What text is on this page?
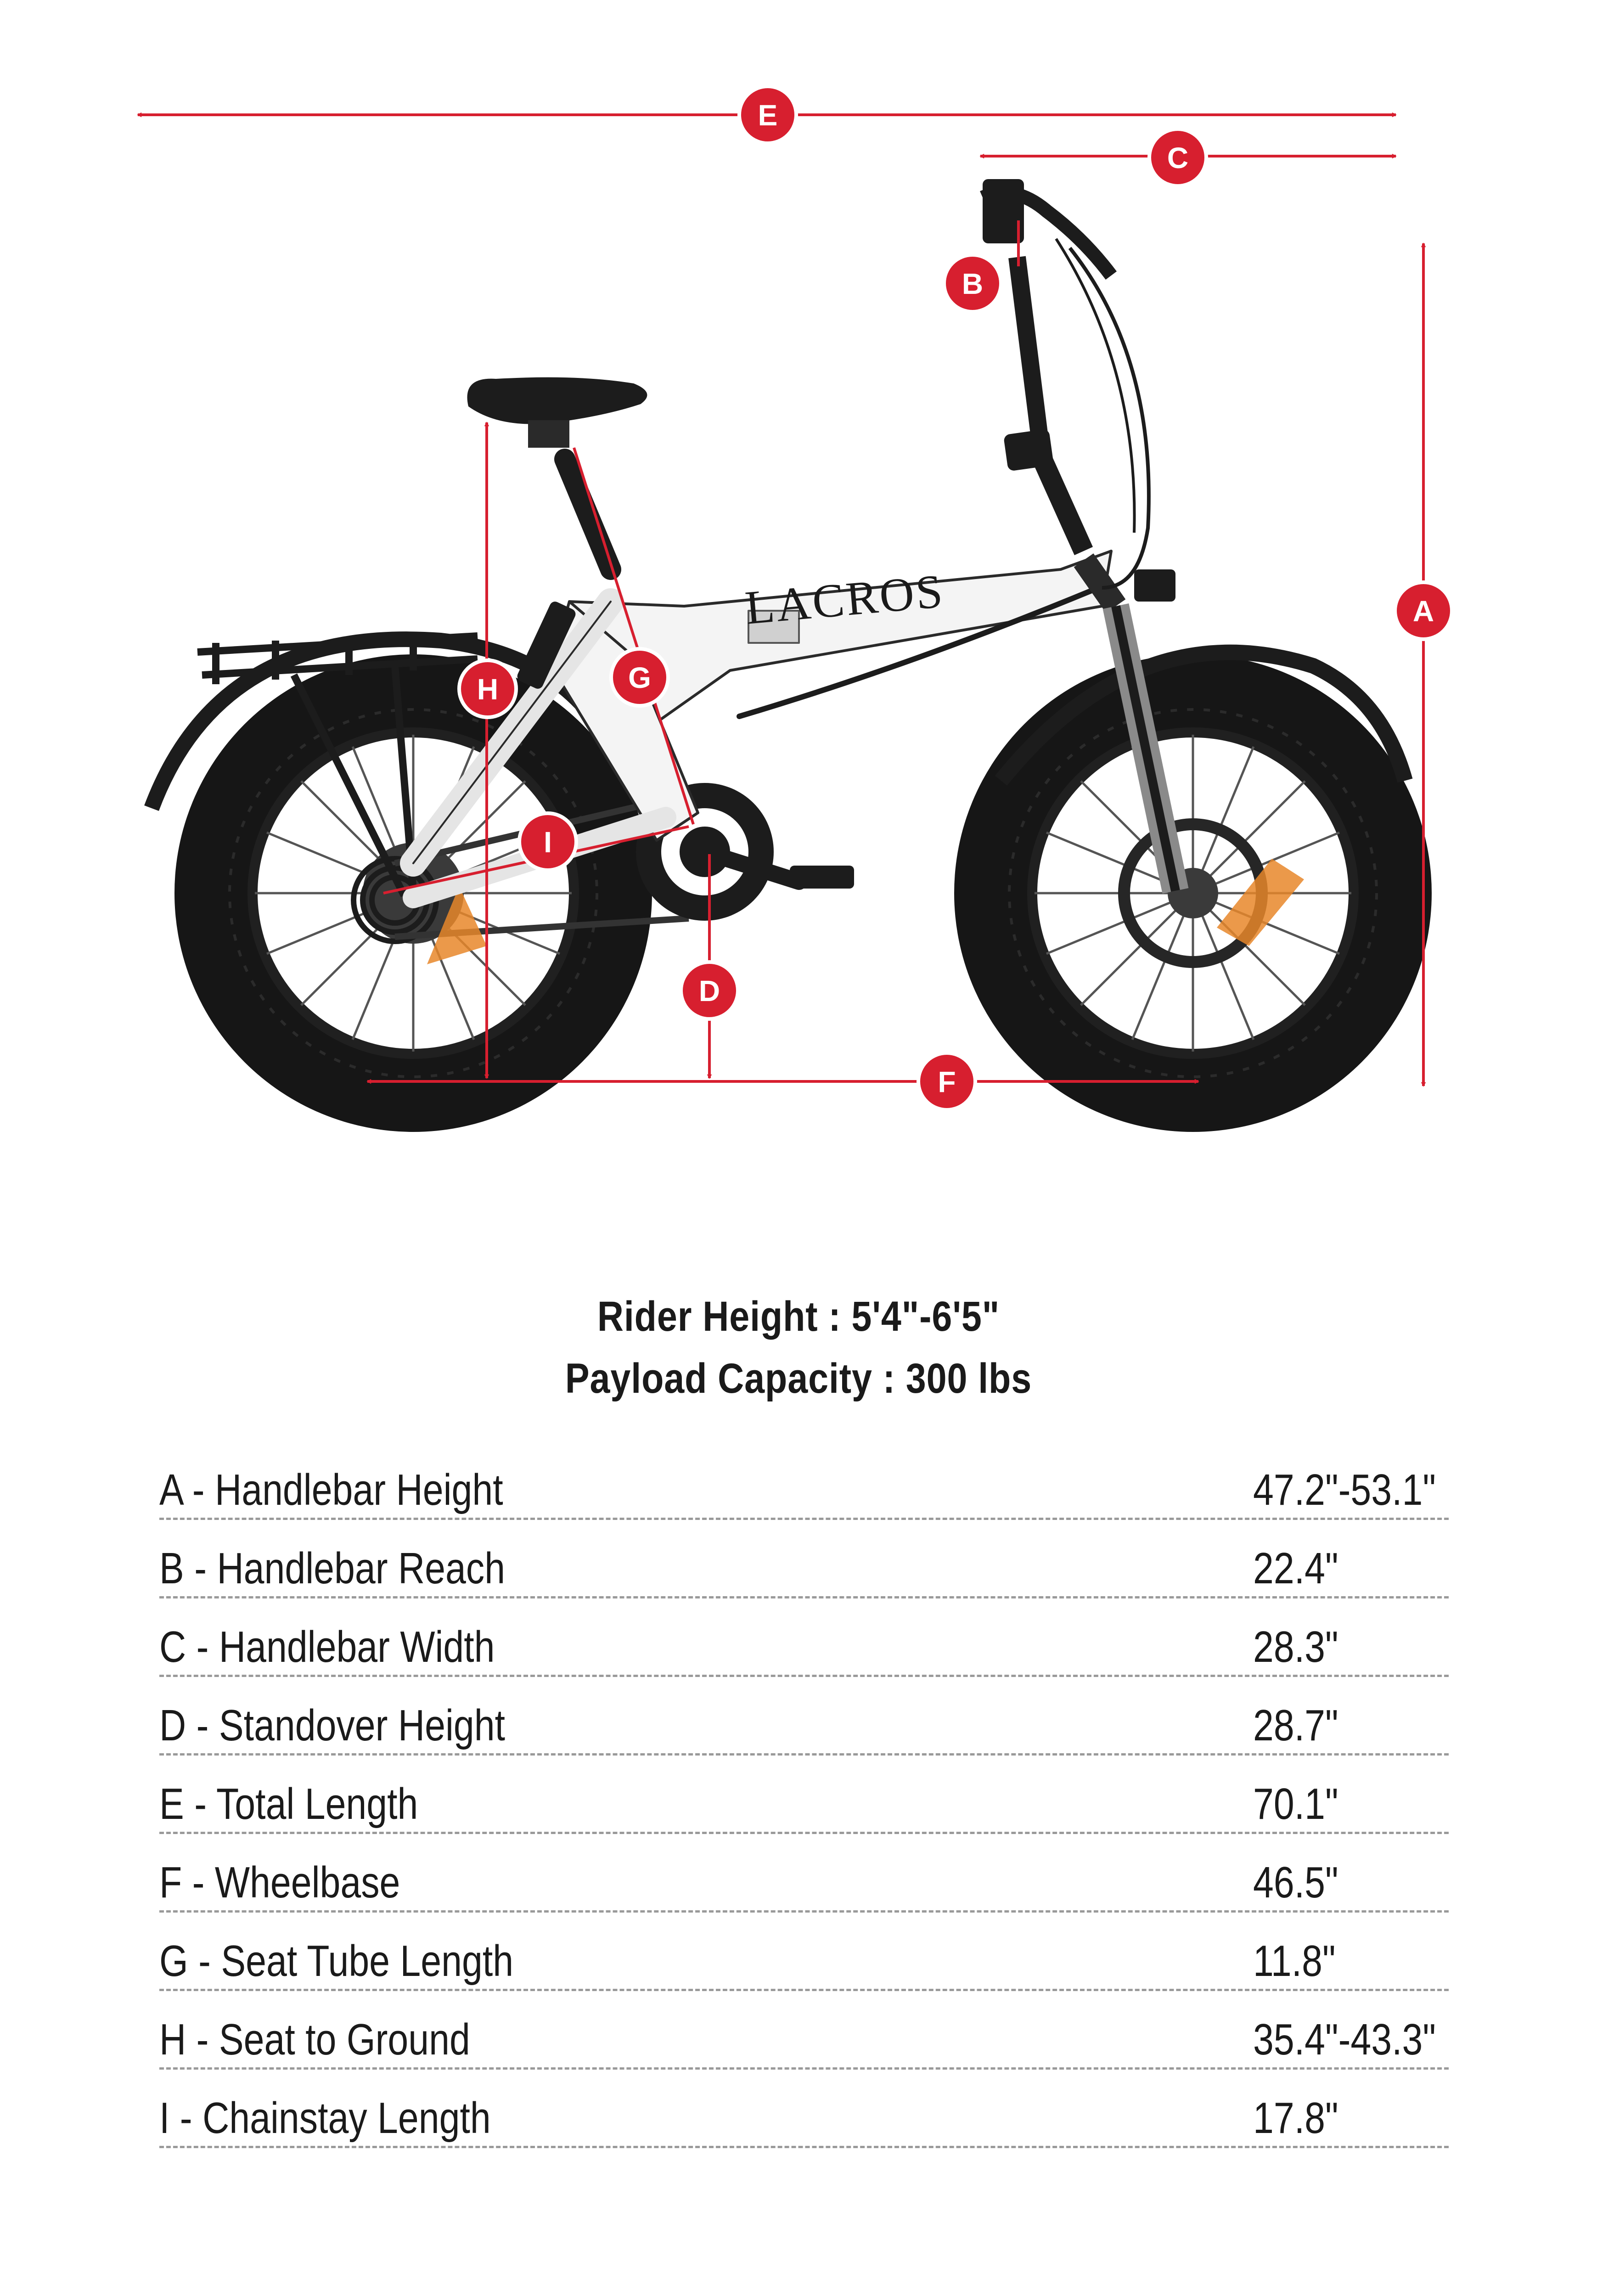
LACROS
E
C
B
A
H	G
I
D
F
Rider Height : 5'4"-6'5"
Payload Capacity : 300 lbs
A - Handlebar Height	47.2"-53.1"
B - Handlebar Reach	22.4"
C - Handlebar Width	28.3"
D - Standover Height	28.7"
E - Total Length	70.1"
F - Wheelbase	46.5"
G - Seat Tube Length	11.8"
H - Seat to Ground	35.4"-43.3"
I - Chainstay Length	17.8"
